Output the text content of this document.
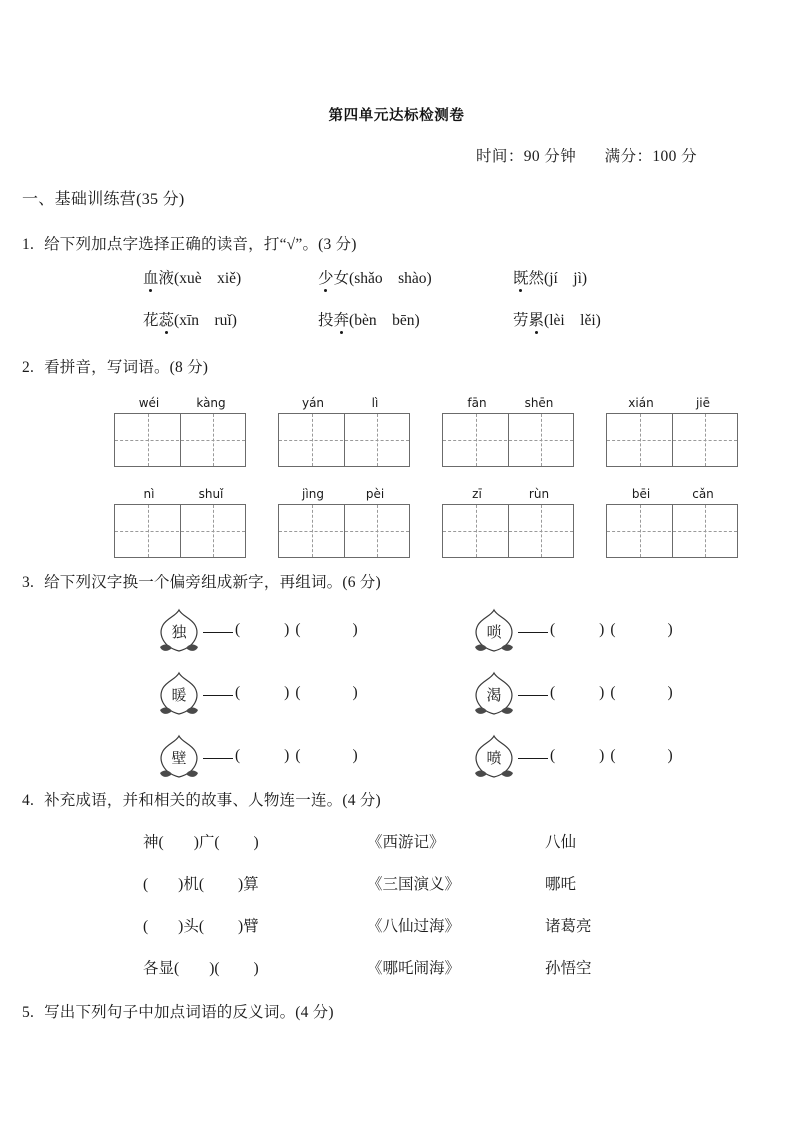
第四单元达标检测卷
时间：90 分钟 满分：100 分
一、基础训练营(35 分)
1. 给下列加点字选择正确的读音，打“√”。(3 分)
血液(xuè　xiě)	少女(shǎo　shào)	既然(jí　jì)
花蕊(xīn　ruǐ)	投奔(bèn　bēn)	劳累(lèi　lěi)
2. 看拼音，写词语。(8 分)
wéi	kàng	yán	lì	fān	shēn	xián	jiē
nì	shuǐ	jìng	pèi	zī	rùn	bēi	cǎn
3. 给下列汉字换一个偏旁组成新字，再组词。(6 分)
独	(	) (	)	唢	(	) (	)
暖	(	) (	)	渴	(	) (	)
壁	(	) (	)	喷	(	) (	)
4. 补充成语，并和相关的故事、人物连一连。(4 分)
神( )广( )	《西游记》	八仙
( )机( )算	《三国演义》	哪吒
( )头( )臂	《八仙过海》	诸葛亮
各显( )( )	《哪吒闹海》	孙悟空
5. 写出下列句子中加点词语的反义词。(4 分)
